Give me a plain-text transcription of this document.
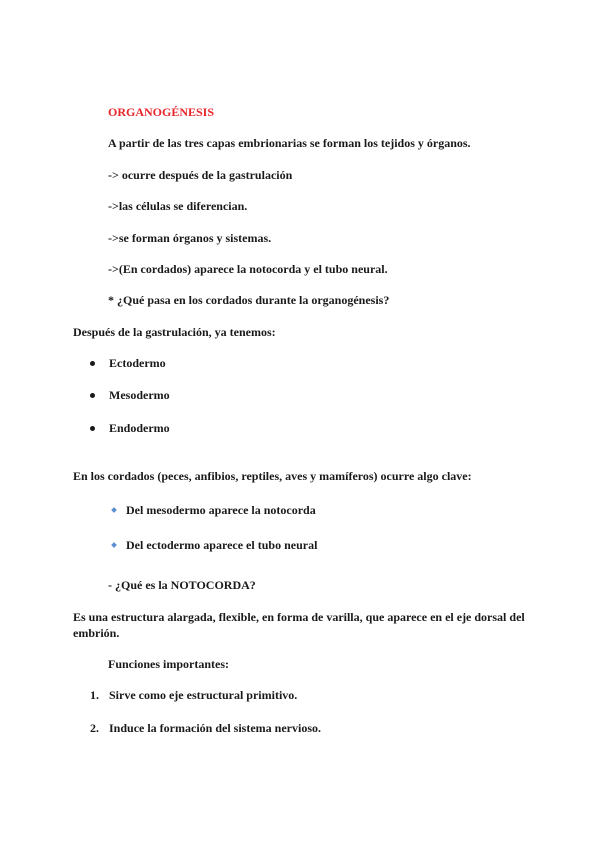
ORGANOGÉNESIS
A partir de las tres capas embrionarias se forman los tejidos y órganos.
-> ocurre después de la gastrulación
->las células se diferencian.
->se forman órganos y sistemas.
->(En cordados) aparece la notocorda y el tubo neural.
* ¿Qué pasa en los cordados durante la organogénesis?
Después de la gastrulación, ya tenemos:
Ectodermo
Mesodermo
Endodermo
En los cordados (peces, anfibios, reptiles, aves y mamíferos) ocurre algo clave:
Del mesodermo aparece la notocorda
Del ectodermo aparece el tubo neural
- ¿Qué es la NOTOCORDA?
Es una estructura alargada, flexible, en forma de varilla, que aparece en el eje dorsal del embrión.
Funciones importantes:
1. Sirve como eje estructural primitivo.
2. Induce la formación del sistema nervioso.
